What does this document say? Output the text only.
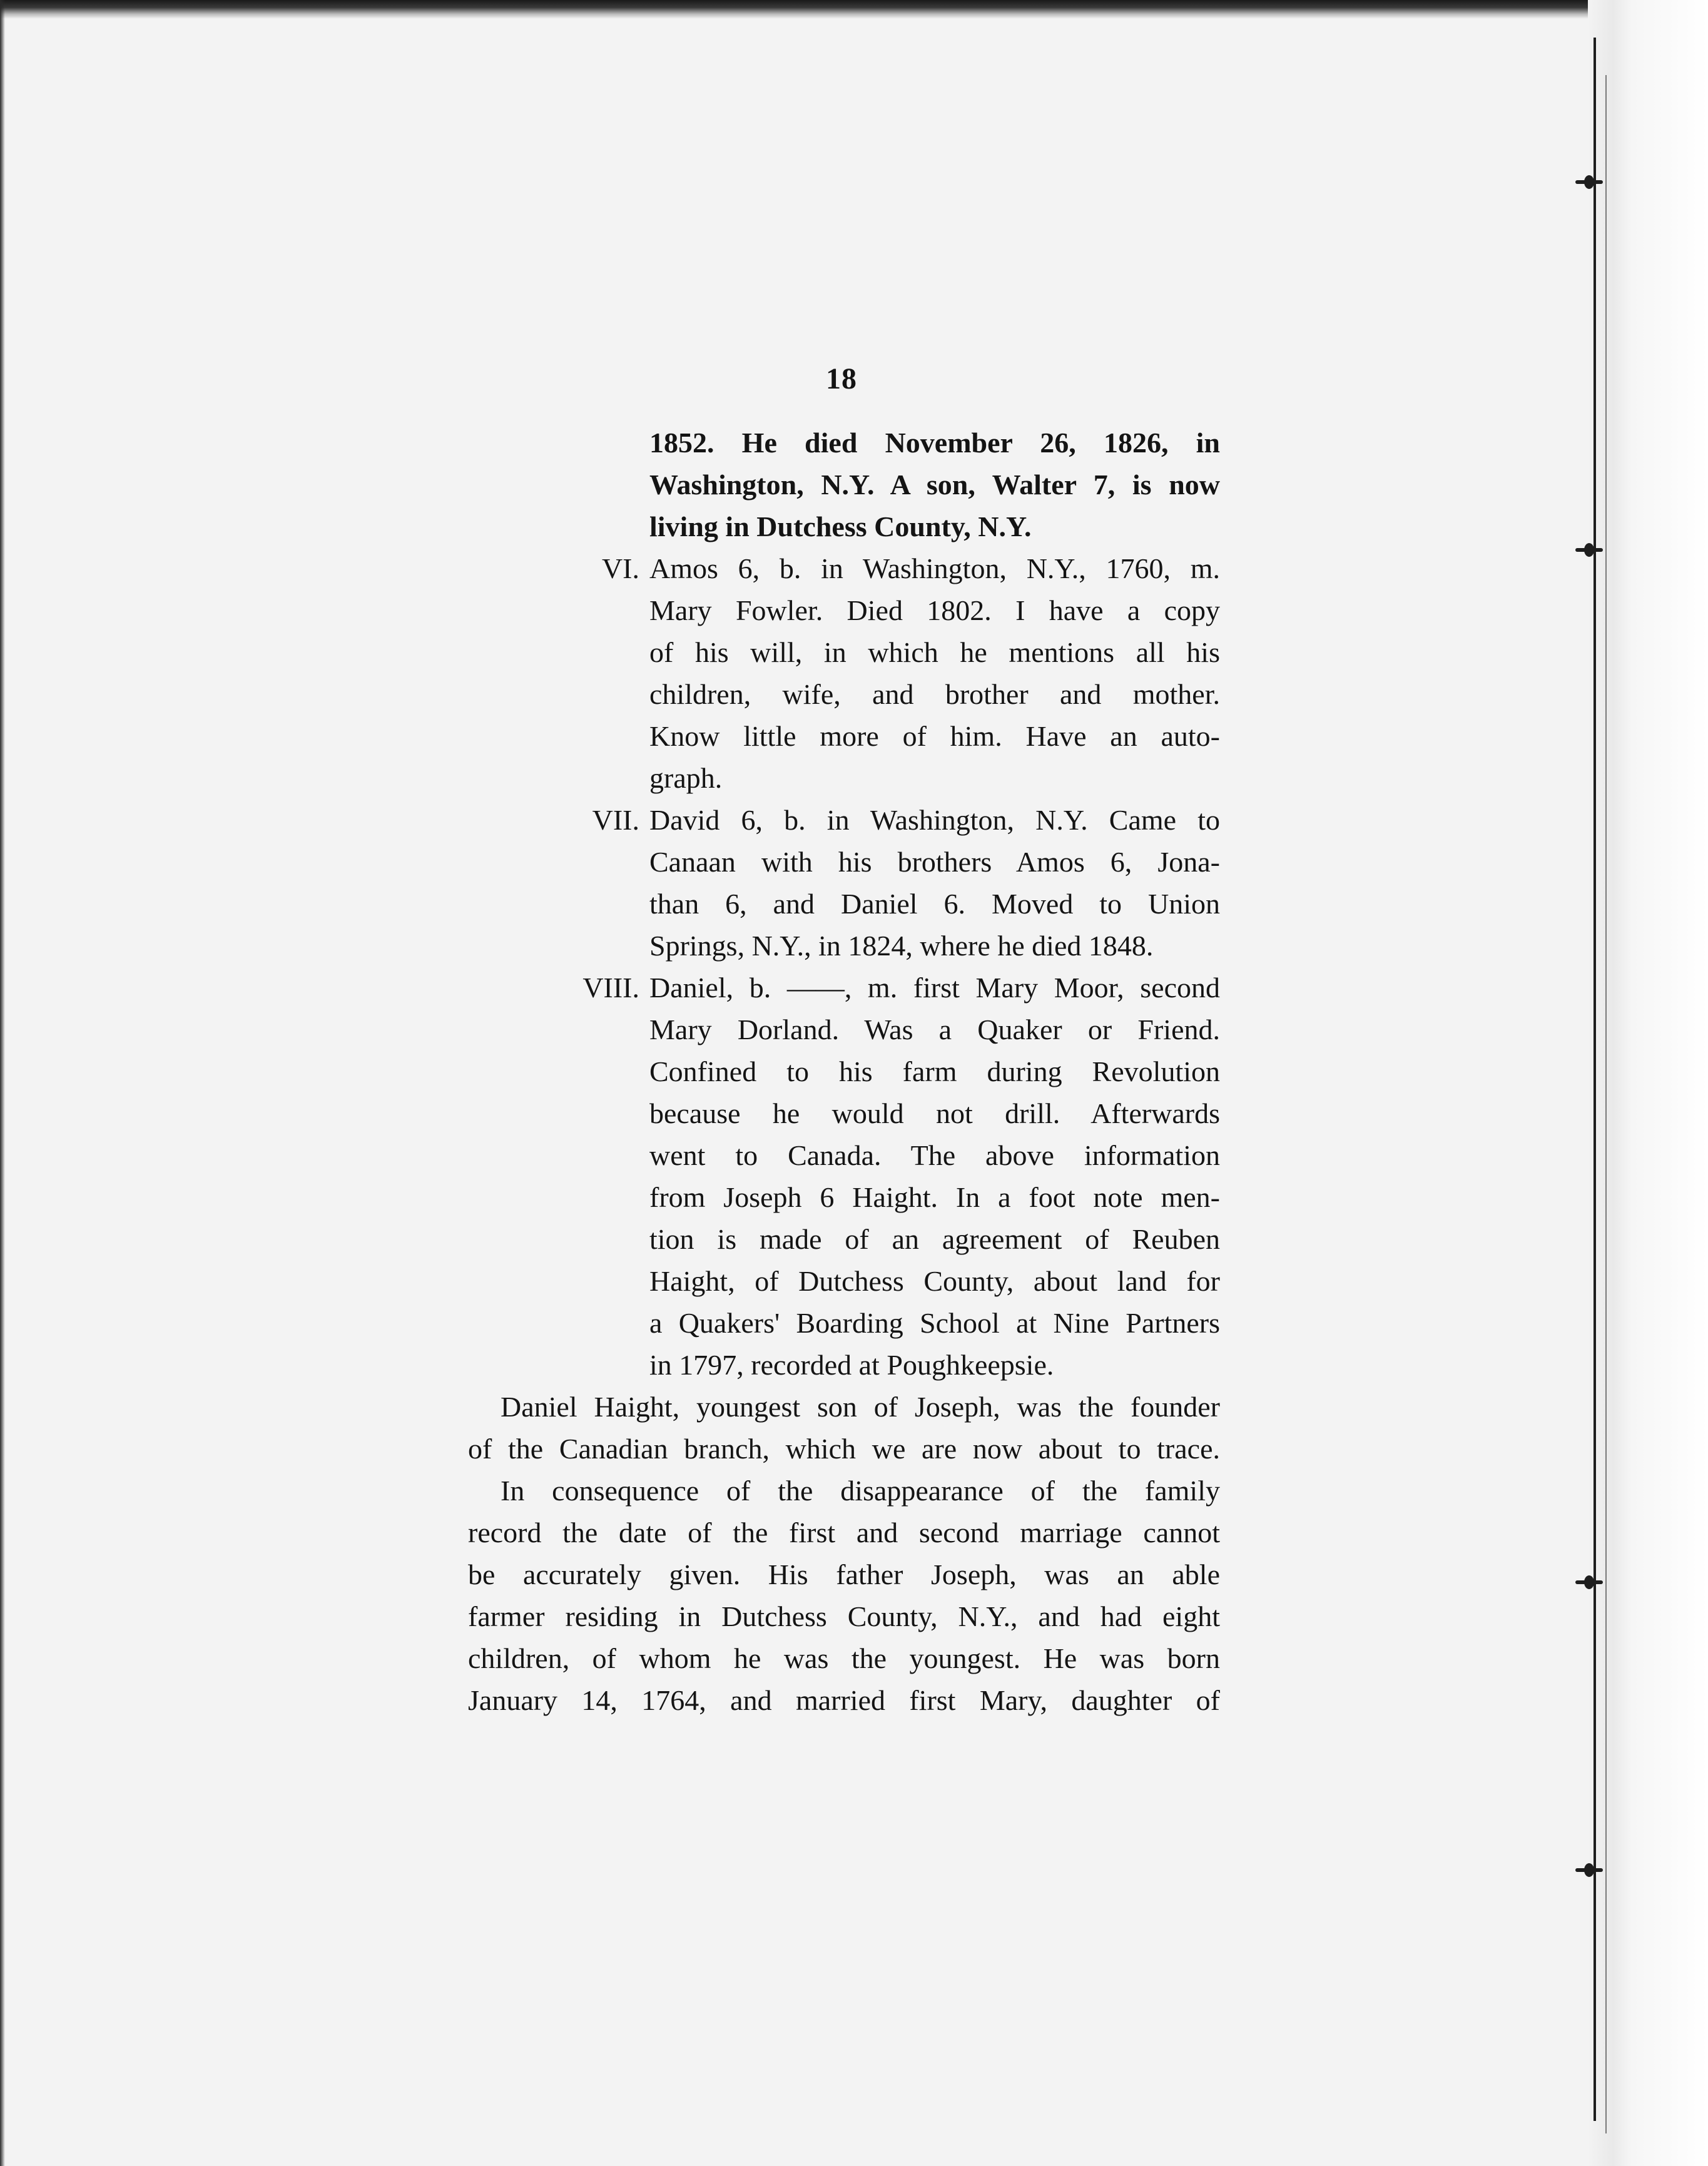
18
1852. He died November 26, 1826, in
Washington, N.Y. A son, Walter 7, is now
living in Dutchess County, N.Y.
VI. Amos 6, b. in Washington, N.Y., 1760, m.
Mary Fowler. Died 1802. I have a copy
of his will, in which he mentions all his
children, wife, and brother and mother.
Know little more of him. Have an auto-
graph.
VII. David 6, b. in Washington, N.Y. Came to
Canaan with his brothers Amos 6, Jona-
than 6, and Daniel 6. Moved to Union
Springs, N.Y., in 1824, where he died 1848.
VIII. Daniel, b. ——, m. first Mary Moor, second
Mary Dorland. Was a Quaker or Friend.
Confined to his farm during Revolution
because he would not drill. Afterwards
went to Canada. The above information
from Joseph 6 Haight. In a foot note men-
tion is made of an agreement of Reuben
Haight, of Dutchess County, about land for
a Quakers' Boarding School at Nine Partners
in 1797, recorded at Poughkeepsie.
Daniel Haight, youngest son of Joseph, was the founder
of the Canadian branch, which we are now about to trace.
In consequence of the disappearance of the family
record the date of the first and second marriage cannot
be accurately given. His father Joseph, was an able
farmer residing in Dutchess County, N.Y., and had eight
children, of whom he was the youngest. He was born
January 14, 1764, and married first Mary, daughter of
